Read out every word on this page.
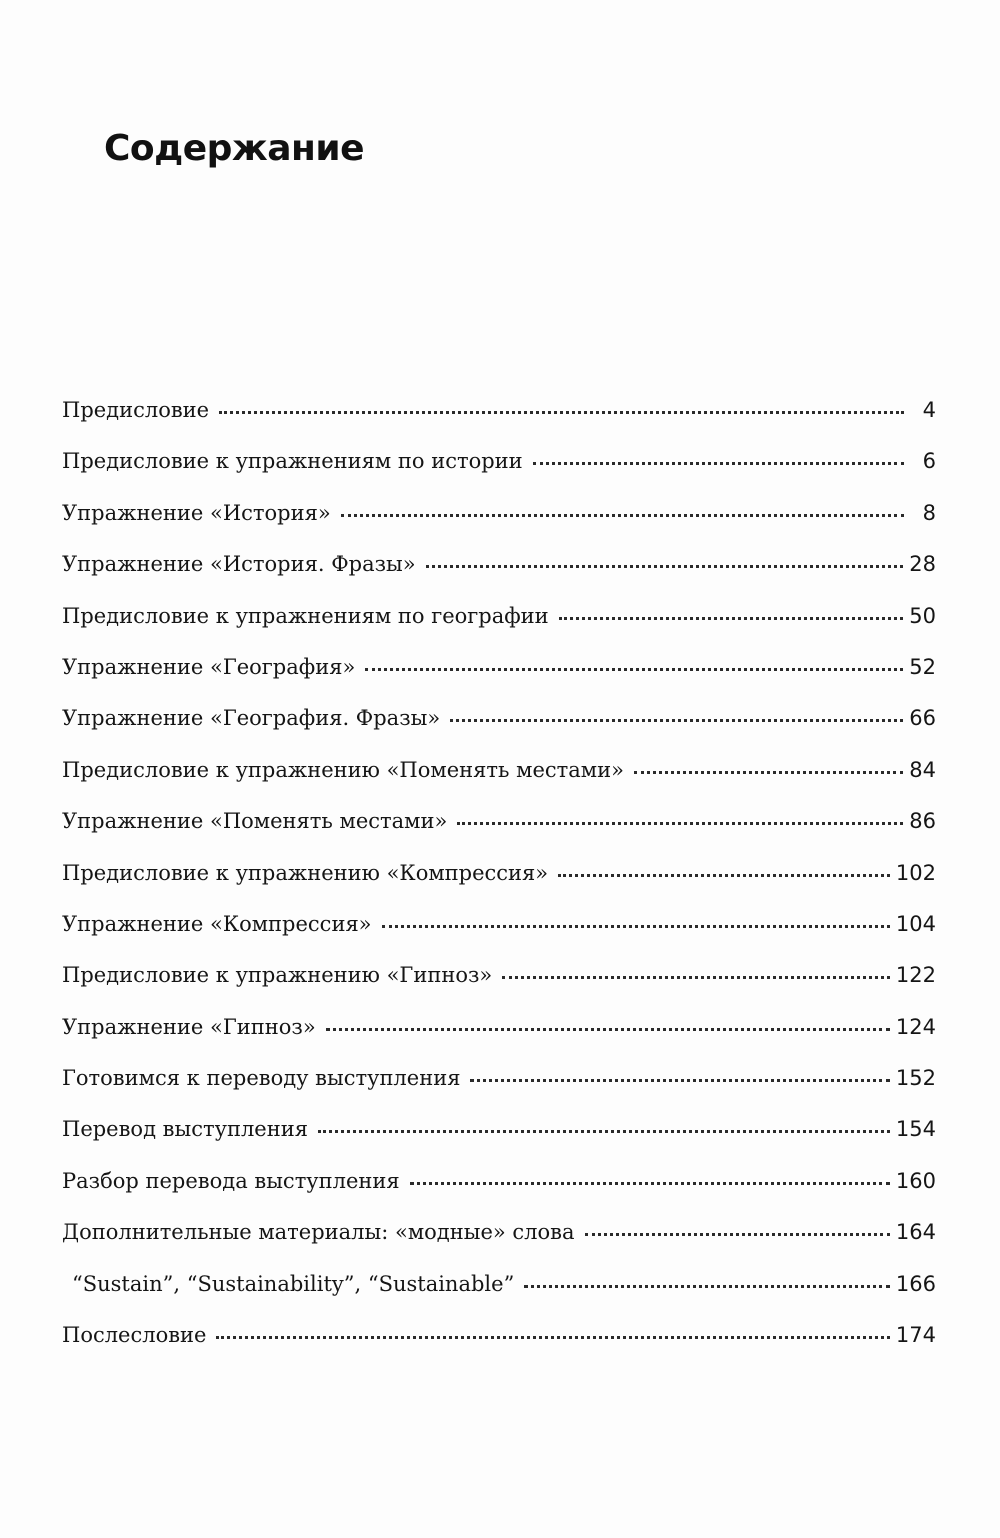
Содержание
Предисловие	4
Предисловие к упражнениям по истории	6
Упражнение «История»	8
Упражнение «История. Фразы»	28
Предисловие к упражнениям по географии	50
Упражнение «География»	52
Упражнение «География. Фразы»	66
Предисловие к упражнению «Поменять местами»	84
Упражнение «Поменять местами»	86
Предисловие к упражнению «Компрессия»	102
Упражнение «Компрессия»	104
Предисловие к упражнению «Гипноз»	122
Упражнение «Гипноз»	124
Готовимся к переводу выступления	152
Перевод выступления	154
Разбор перевода выступления	160
Дополнительные материалы: «модные» слова	164
“Sustain”, “Sustainability”, “Sustainable”	166
Послесловие	174
